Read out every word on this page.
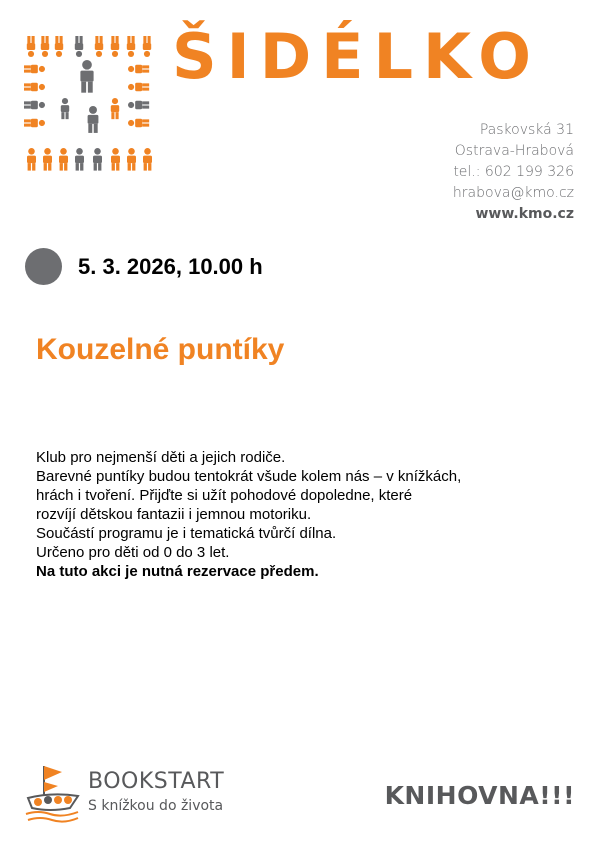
ŠIDÉLKO
Paskovská 31
Ostrava-Hrabová
tel.: 602 199 326
hrabova@kmo.cz
www.kmo.cz
5. 3. 2026, 10.00 h
Kouzelné puntíky
Klub pro nejmenší děti a jejich rodiče.
Barevné puntíky budou tentokrát všude kolem nás – v knížkách,
hrách i tvoření. Přijďte si užít pohodové dopoledne, které
rozvíjí dětskou fantazii i jemnou motoriku.
Součástí programu je i tematická tvůrčí dílna.
Určeno pro děti od 0 do 3 let.
Na tuto akci je nutná rezervace předem.
BOOKSTART
S knížkou do života	KNIHOVNA!!!
